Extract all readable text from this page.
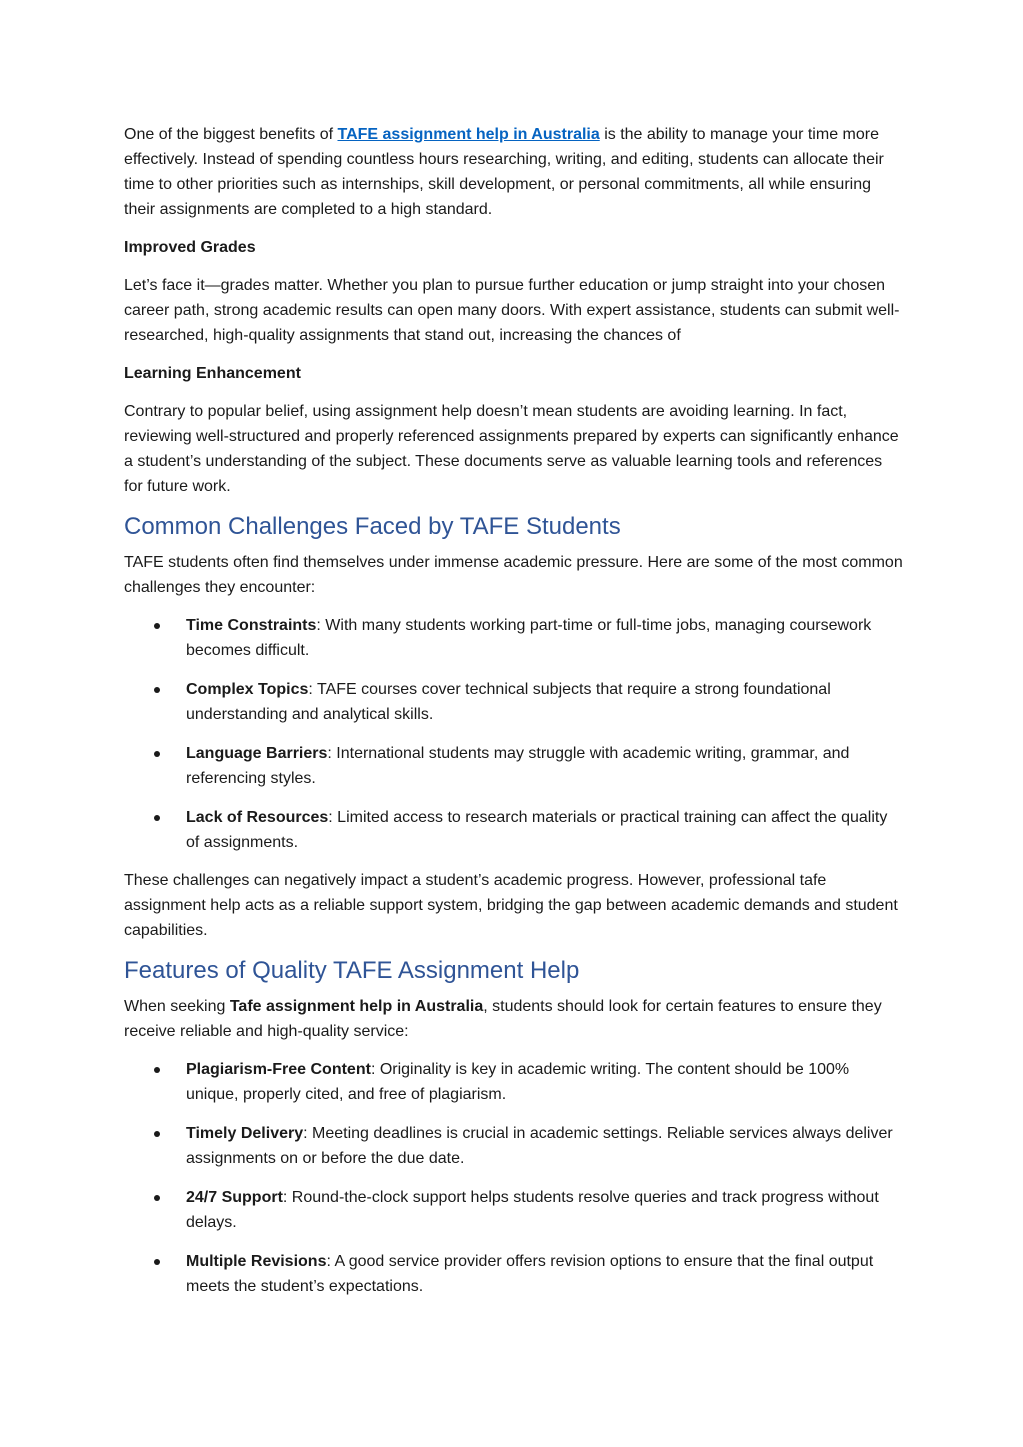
One of the biggest benefits of TAFE assignment help in Australia is the ability to manage your time more effectively. Instead of spending countless hours researching, writing, and editing, students can allocate their time to other priorities such as internships, skill development, or personal commitments, all while ensuring their assignments are completed to a high standard.

Improved Grades

Let’s face it—grades matter. Whether you plan to pursue further education or jump straight into your chosen career path, strong academic results can open many doors. With expert assistance, students can submit well-researched, high-quality assignments that stand out, increasing the chances of

Learning Enhancement

Contrary to popular belief, using assignment help doesn’t mean students are avoiding learning. In fact, reviewing well-structured and properly referenced assignments prepared by experts can significantly enhance a student’s understanding of the subject. These documents serve as valuable learning tools and references for future work.

Common Challenges Faced by TAFE Students

TAFE students often find themselves under immense academic pressure. Here are some of the most common challenges they encounter:

Time Constraints: With many students working part-time or full-time jobs, managing coursework becomes difficult.
Complex Topics: TAFE courses cover technical subjects that require a strong foundational understanding and analytical skills.
Language Barriers: International students may struggle with academic writing, grammar, and referencing styles.
Lack of Resources: Limited access to research materials or practical training can affect the quality of assignments.

These challenges can negatively impact a student’s academic progress. However, professional tafe assignment help acts as a reliable support system, bridging the gap between academic demands and student capabilities.

Features of Quality TAFE Assignment Help

When seeking Tafe assignment help in Australia, students should look for certain features to ensure they receive reliable and high-quality service:

Plagiarism-Free Content: Originality is key in academic writing. The content should be 100% unique, properly cited, and free of plagiarism.
Timely Delivery: Meeting deadlines is crucial in academic settings. Reliable services always deliver assignments on or before the due date.
24/7 Support: Round-the-clock support helps students resolve queries and track progress without delays.
Multiple Revisions: A good service provider offers revision options to ensure that the final output meets the student’s expectations.
